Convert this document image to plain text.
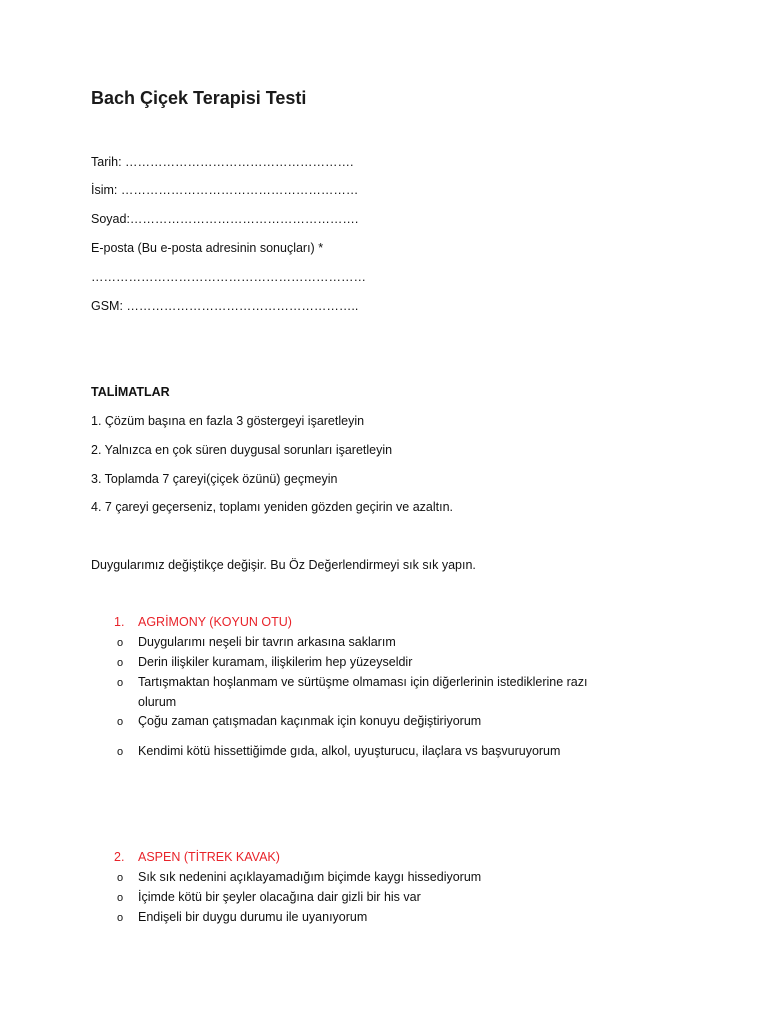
Bach Çiçek Terapisi Testi
Tarih: ……………………………………………….
İsim: …………………………………………………
Soyad:……………………………………………….
E-posta (Bu e-posta adresinin sonuçları) *
…………………………………………………………
GSM: ………………………………………………..
TALİMATLAR
1. Çözüm başına en fazla 3 göstergeyi işaretleyin
2. Yalnızca en çok süren duygusal sorunları işaretleyin
3. Toplamda 7 çareyi(çiçek özünü) geçmeyin
4. 7 çareyi geçerseniz, toplamı yeniden gözden geçirin ve azaltın.
Duygularımız değiştikçe değişir. Bu Öz Değerlendirmeyi sık sık yapın.
1. AGRİMONY (KOYUN OTU)
o Duygularımı neşeli bir tavrın arkasına saklarım
o Derin ilişkiler kuramam, ilişkilerim hep yüzeyseldir
o Tartışmaktan hoşlanmam ve sürtüşme olmaması için diğerlerinin istediklerine razı
olurum
o Çoğu zaman çatışmadan kaçınmak için konuyu değiştiriyorum
o Kendimi kötü hissettiğimde gıda, alkol, uyuşturucu, ilaçlara vs başvuruyorum
2. ASPEN (TİTREK KAVAK)
o Sık sık nedenini açıklayamadığım biçimde kaygı hissediyorum
o İçimde kötü bir şeyler olacağına dair gizli bir his var
o Endişeli bir duygu durumu ile uyanıyorum
